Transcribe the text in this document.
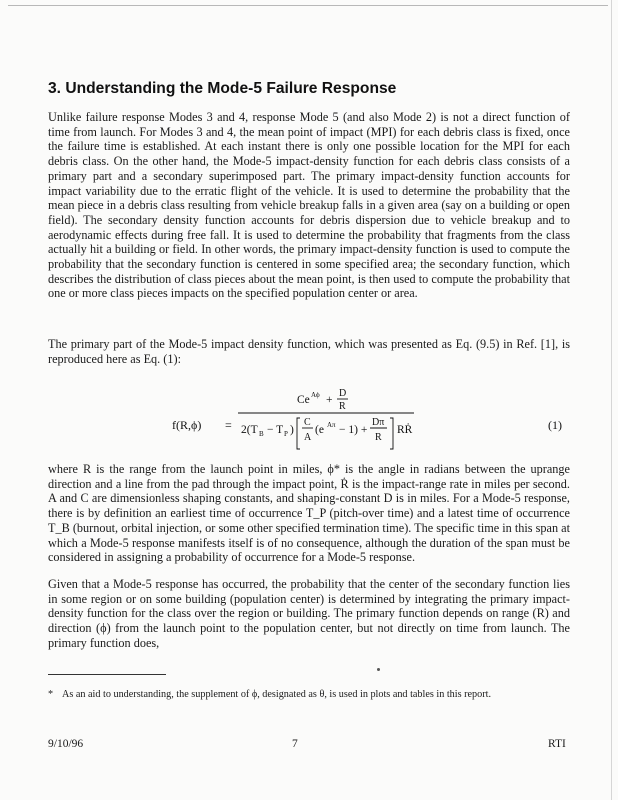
3. Understanding the Mode-5 Failure Response

Unlike failure response Modes 3 and 4, response Mode 5 (and also Mode 2) is not a direct function of time from launch. For Modes 3 and 4, the mean point of impact (MPI) for each debris class is fixed, once the failure time is established. At each instant there is only one possible location for the MPI for each debris class. On the other hand, the Mode-5 impact-density function for each debris class consists of a primary part and a secondary superimposed part. The primary impact-density function accounts for impact variability due to the erratic flight of the vehicle. It is used to determine the probability that the mean piece in a debris class resulting from vehicle breakup falls in a given area (say on a building or open field). The secondary density function accounts for debris dispersion due to vehicle breakup and to aerodynamic effects during free fall. It is used to determine the probability that fragments from the class actually hit a building or field. In other words, the primary impact-density function is used to compute the probability that the secondary function is centered in some specified area; the secondary function, which describes the distribution of class pieces about the mean point, is then used to compute the probability that one or more class pieces impacts on the specified population center or area.

The primary part of the Mode-5 impact density function, which was presented as Eq. (9.5) in Ref. [1], is reproduced here as Eq. (1):

f(R,ϕ) =
Ce Aϕ +
D
R
2(T B − T P )
C
A
(e Aπ − 1) +
Dπ
R
RṘ	(1)

where R is the range from the launch point in miles, ϕ* is the angle in radians between the uprange direction and a line from the pad through the impact point, Ṙ is the impact-range rate in miles per second. A and C are dimensionless shaping constants, and shaping-constant D is in miles. For a Mode-5 response, there is by definition an earliest time of occurrence T_P (pitch-over time) and a latest time of occurrence T_B (burnout, orbital injection, or some other specified termination time). The specific time in this span at which a Mode-5 response manifests itself is of no consequence, although the duration of the span must be considered in assigning a probability of occurrence for a Mode-5 response.

Given that a Mode-5 response has occurred, the probability that the center of the secondary function lies in some region or on some building (population center) is determined by integrating the primary impact-density function for the class over the region or building. The primary function depends on range (R) and direction (ϕ) from the launch point to the population center, but not directly on time from launch. The primary function does,

* As an aid to understanding, the supplement of ϕ, designated as θ, is used in plots and tables in this report.

9/10/96	7	RTI
